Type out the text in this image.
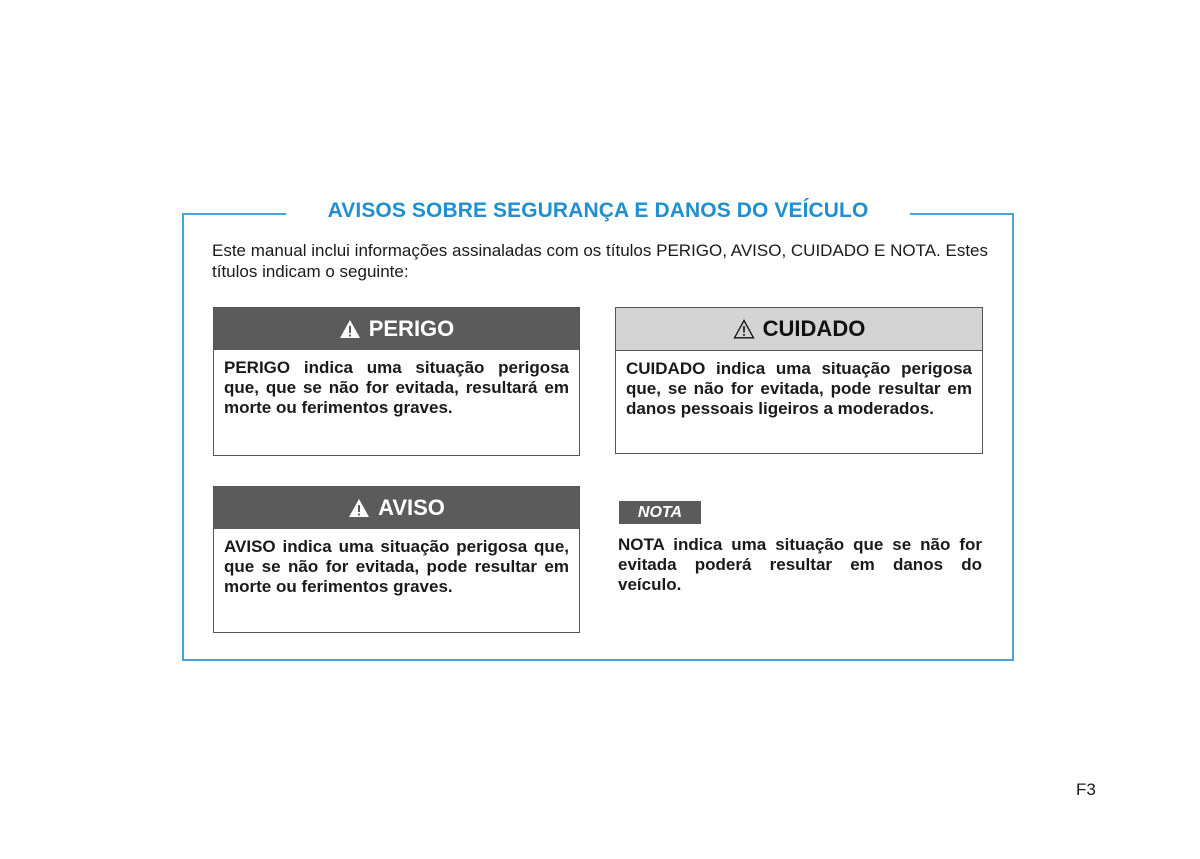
AVISOS SOBRE SEGURANÇA E DANOS DO VEÍCULO
Este manual inclui informações assinaladas com os títulos PERIGO, AVISO, CUIDADO E NOTA. Estes títulos indicam o seguinte:
PERIGO
PERIGO indica uma situação perigosa que, que se não for evitada, resultará em morte ou ferimentos graves.
CUIDADO
CUIDADO indica uma situação perigosa que, se não for evitada, pode resultar em danos pessoais ligeiros a moderados.
AVISO
AVISO indica uma situação perigosa que, que se não for evitada, pode resultar em morte ou ferimentos graves.
NOTA
NOTA indica uma situação que se não for evitada poderá resultar em danos do veículo.
F3
